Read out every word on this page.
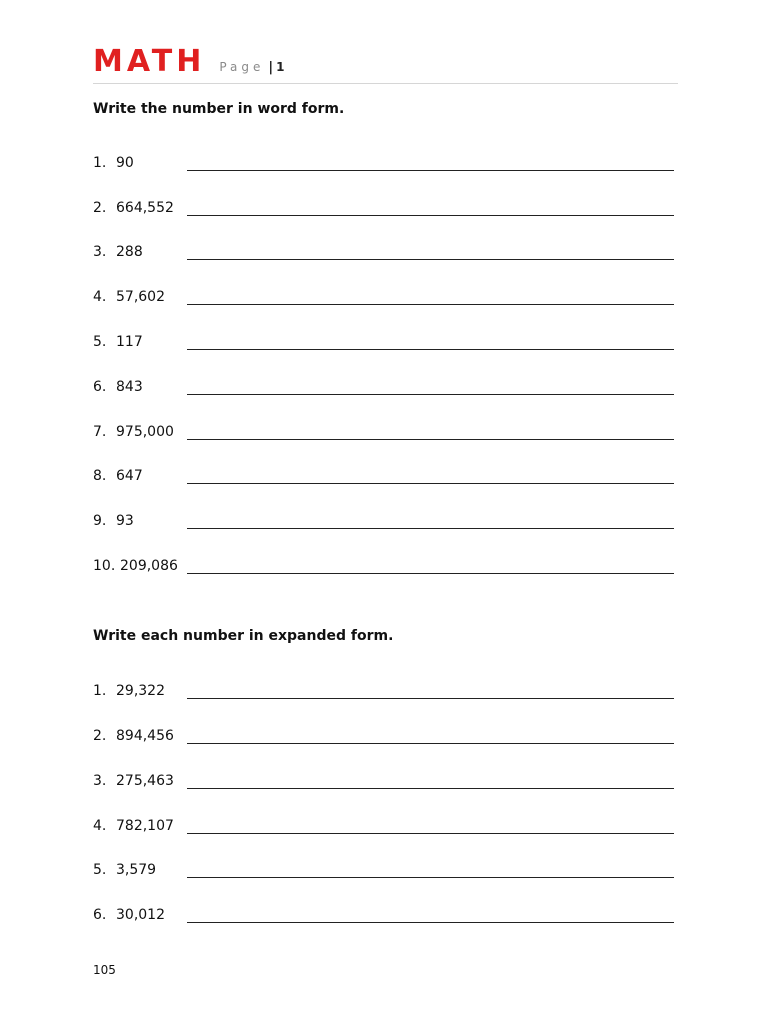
MATH Page | 1
Write the number in word form.
1. 90
2. 664,552
3. 288
4. 57,602
5. 117
6. 843
7. 975,000
8. 647
9. 93
10. 209,086
Write each number in expanded form.
1. 29,322
2. 894,456
3. 275,463
4. 782,107
5. 3,579
6. 30,012
105
